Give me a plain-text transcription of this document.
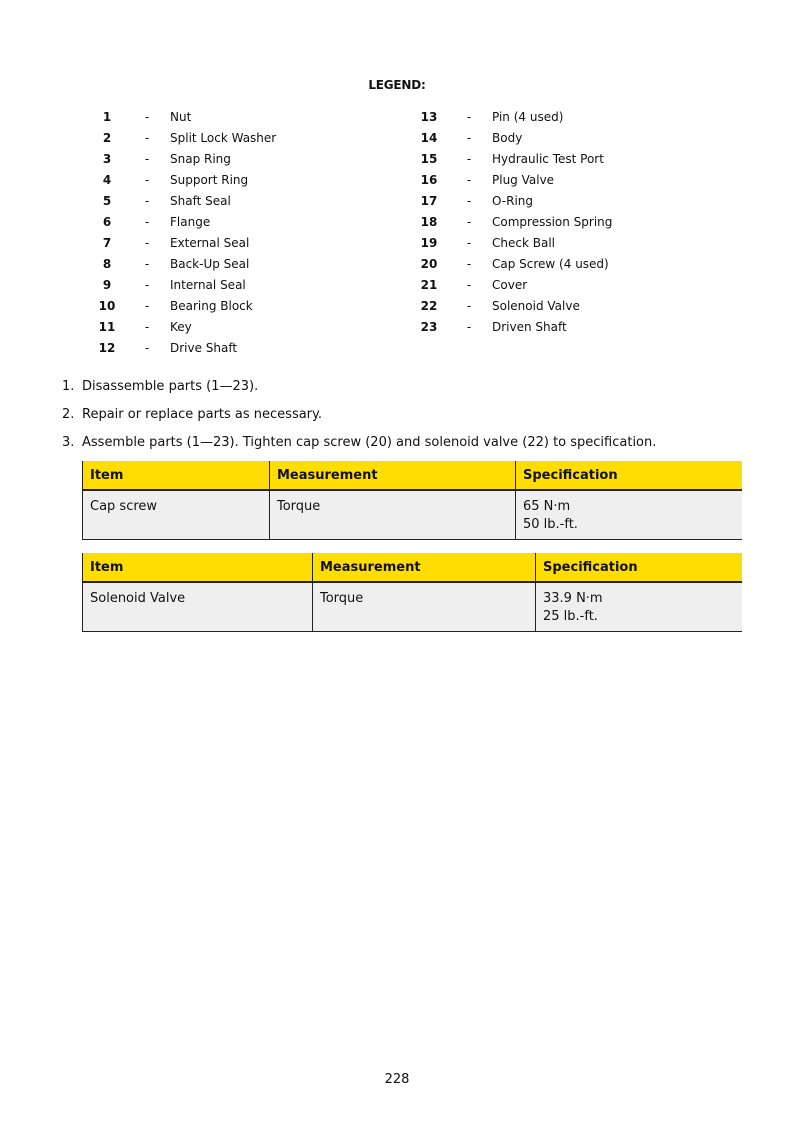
LEGEND:
1	-	Nut
2	-	Split Lock Washer
3	-	Snap Ring
4	-	Support Ring
5	-	Shaft Seal
6	-	Flange
7	-	External Seal
8	-	Back-Up Seal
9	-	Internal Seal
10	-	Bearing Block
11	-	Key
12	-	Drive Shaft
13	-	Pin (4 used)
14	-	Body
15	-	Hydraulic Test Port
16	-	Plug Valve
17	-	O-Ring
18	-	Compression Spring
19	-	Check Ball
20	-	Cap Screw (4 used)
21	-	Cover
22	-	Solenoid Valve
23	-	Driven Shaft
1. Disassemble parts (1—23).
2. Repair or replace parts as necessary.
3. Assemble parts (1—23). Tighten cap screw (20) and solenoid valve (22) to specification.
Item	Measurement	Specification
Cap screw	Torque	65 N·m
50 lb.-ft.
Item	Measurement	Specification
Solenoid Valve	Torque	33.9 N·m
25 lb.-ft.
228
